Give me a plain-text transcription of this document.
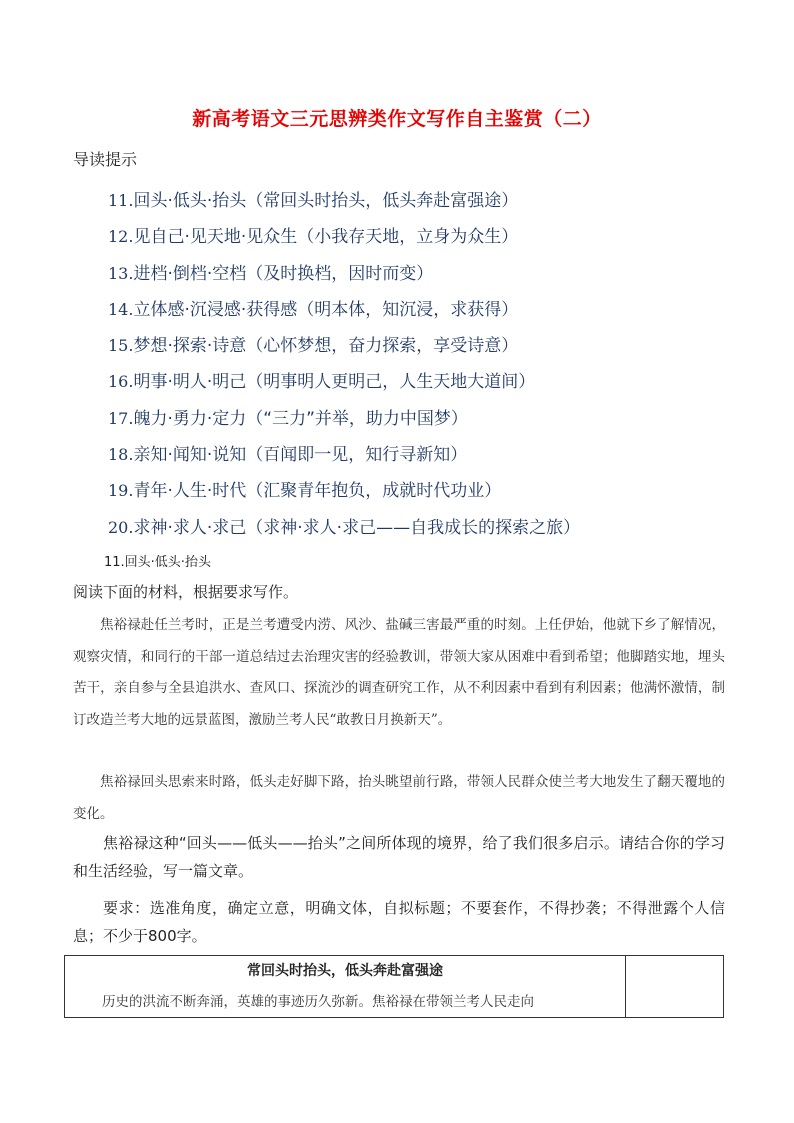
新高考语文三元思辨类作文写作自主鉴赏（二）
导读提示
11.回头·低头·抬头（常回头时抬头，低头奔赴富强途）
12.见自己·见天地·见众生（小我存天地，立身为众生）
13.进档·倒档·空档（及时换档，因时而变）
14.立体感·沉浸感·获得感（明本体，知沉浸，求获得）
15.梦想·探索·诗意（心怀梦想，奋力探索，享受诗意）
16.明事·明人·明己（明事明人更明己，人生天地大道间）
17.魄力·勇力·定力（“三力”并举，助力中国梦）
18.亲知·闻知·说知（百闻即一见，知行寻新知）
19.青年·人生·时代（汇聚青年抱负，成就时代功业）
20.求神·求人·求己（求神·求人·求己——自我成长的探索之旅）
11.回头·低头·抬头

阅读下面的材料，根据要求写作。

焦裕禄赴任兰考时，正是兰考遭受内涝、风沙、盐碱三害最严重的时刻。上任伊始，他就下乡了解情况，观察灾情，和同行的干部一道总结过去治理灾害的经验教训，带领大家从困难中看到希望；他脚踏实地，埋头苦干，亲自参与全县追洪水、查风口、探流沙的调查研究工作，从不利因素中看到有利因素；他满怀激情，制订改造兰考大地的远景蓝图，激励兰考人民“敢教日月换新天”。

焦裕禄回头思索来时路，低头走好脚下路，抬头眺望前行路，带领人民群众使兰考大地发生了翻天覆地的变化。

焦裕禄这种“回头——低头——抬头”之间所体现的境界，给了我们很多启示。请结合你的学习和生活经验，写一篇文章。

要求：选准角度，确定立意，明确文体，自拟标题；不要套作，不得抄袭；不得泄露个人信息；不少于800字。

常回头时抬头，低头奔赴富强途
历史的洪流不断奔涌，英雄的事迹历久弥新。焦裕禄在带领兰考人民走向
